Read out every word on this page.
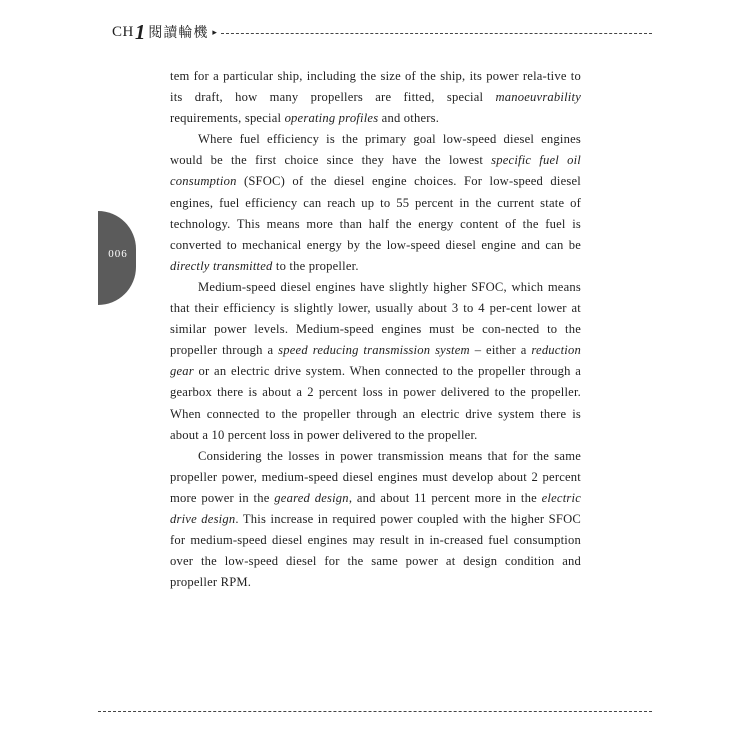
CH 1 閱讀輪機 ▸
006

tem for a particular ship, including the size of the ship, its power rela-tive to its draft, how many propellers are fitted, special manoeuvrability requirements, special operating profiles and others.

Where fuel efficiency is the primary goal low-speed diesel engines would be the first choice since they have the lowest specific fuel oil consumption (SFOC) of the diesel engine choices. For low-speed diesel engines, fuel efficiency can reach up to 55 percent in the current state of technology. This means more than half the energy content of the fuel is converted to mechanical energy by the low-speed diesel engine and can be directly transmitted to the propeller.

Medium-speed diesel engines have slightly higher SFOC, which means that their efficiency is slightly lower, usually about 3 to 4 per-cent lower at similar power levels. Medium-speed engines must be con-nected to the propeller through a speed reducing transmission system – either a reduction gear or an electric drive system. When connected to the propeller through a gearbox there is about a 2 percent loss in power delivered to the propeller. When connected to the propeller through an electric drive system there is about a 10 percent loss in power delivered to the propeller.

Considering the losses in power transmission means that for the same propeller power, medium-speed diesel engines must develop about 2 percent more power in the geared design, and about 11 percent more in the electric drive design. This increase in required power coupled with the higher SFOC for medium-speed diesel engines may result in in-creased fuel consumption over the low-speed diesel for the same power at design condition and propeller RPM.
